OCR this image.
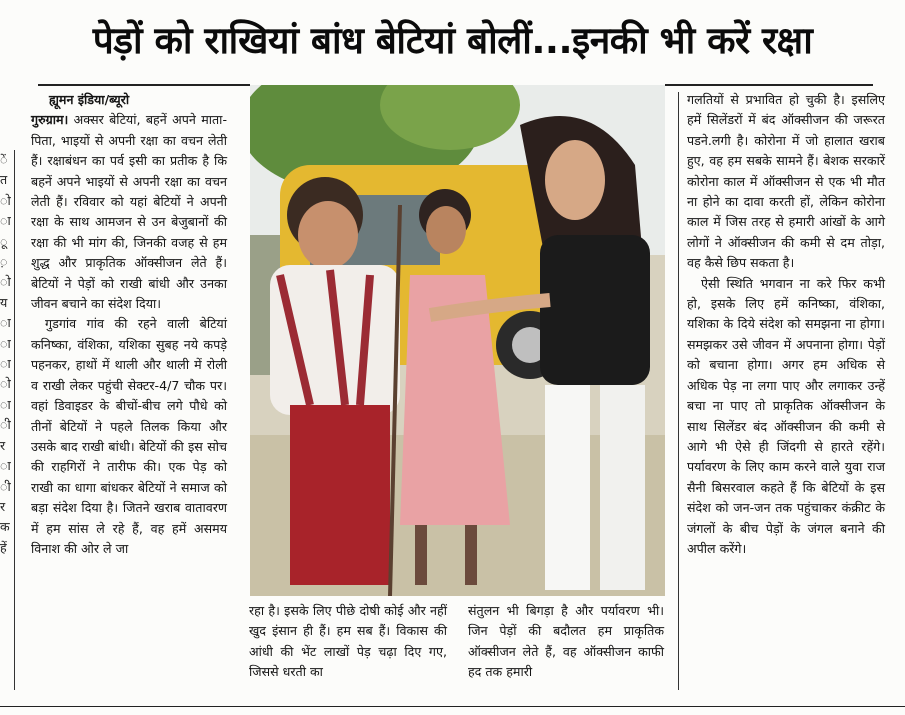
पेड़ों को राखियां बांध बेटियां बोलीं...इनकी भी करें रक्षा
ें
त
ो
ा
ू
़
ो
य
ा
ा
ा
ो
ा
ी
र
ा
ी
र
क
हें

ह्यूमन इंडिया/ब्यूरो

गुरुग्राम। अक्सर बेटियां, बहनें अपने माता-पिता, भाइयों से अपनी रक्षा का वचन लेती हैं। रक्षाबंधन का पर्व इसी का प्रतीक है कि बहनें अपने भाइयों से अपनी रक्षा का वचन लेती हैं। रविवार को यहां बेटियों ने अपनी रक्षा के साथ आमजन से उन बेजुबानों की रक्षा की भी मांग की, जिनकी वजह से हम शुद्ध और प्राकृतिक ऑक्सीजन लेते हैं। बेटियों ने पेड़ों को राखी बांधी और उनका जीवन बचाने का संदेश दिया।

गुडगांव गांव की रहने वाली बेटियां कनिष्का, वंशिका, यशिका सुबह नये कपड़े पहनकर, हाथों में थाली और थाली में रोली व राखी लेकर पहुंची सेक्टर-4/7 चौक पर। वहां डिवाइडर के बीचों-बीच लगे पौधे को तीनों बेटियों ने पहले तिलक किया और उसके बाद राखी बांधी। बेटियों की इस सोच की राहगिरों ने तारीफ की। एक पेड़ को राखी का धागा बांधकर बेटियों ने समाज को बड़ा संदेश दिया है। जितने खराब वातावरण में हम सांस ले रहे हैं, वह हमें असमय विनाश की ओर ले जा

रहा है। इसके लिए पीछे दोषी कोई और नहीं खुद इंसान ही हैं। हम सब हैं। विकास की आंधी की भेंट लाखों पेड़ चढ़ा दिए गए, जिससे धरती का

संतुलन भी बिगड़ा है और पर्यावरण भी। जिन पेड़ों की बदौलत हम प्राकृतिक ऑक्सीजन लेते हैं, वह ऑक्सीजन काफी हद तक हमारी

गलतियों से प्रभावित हो चुकी है। इसलिए हमें सिलेंडरों में बंद ऑक्सीजन की जरूरत पडने.लगी है। कोरोना में जो हालात खराब हुए, वह हम सबके सामने हैं। बेशक सरकारें कोरोना काल में ऑक्सीजन से एक भी मौत ना होने का दावा करती हों, लेकिन कोरोना काल में जिस तरह से हमारी आंखों के आगे लोगों ने ऑक्सीजन की कमी से दम तोड़ा, वह कैसे छिप सकता है।

ऐसी स्थिति भगवान ना करे फिर कभी हो, इसके लिए हमें कनिष्का, वंशिका, यशिका के दिये संदेश को समझना ना होगा। समझकर उसे जीवन में अपनाना होगा। पेड़ों को बचाना होगा। अगर हम अधिक से अधिक पेड़ ना लगा पाए और लगाकर उन्हें बचा ना पाए तो प्राकृतिक ऑक्सीजन के साथ सिलेंडर बंद ऑक्सीजन की कमी से आगे भी ऐसे ही जिंदगी से हारते रहेंगे। पर्यावरण के लिए काम करने वाले युवा राज सैनी बिसरवाल कहते हैं कि बेटियों के इस संदेश को जन-जन तक पहुंचाकर कंक्रीट के जंगलों के बीच पेड़ों के जंगल बनाने की अपील करेंगे।
